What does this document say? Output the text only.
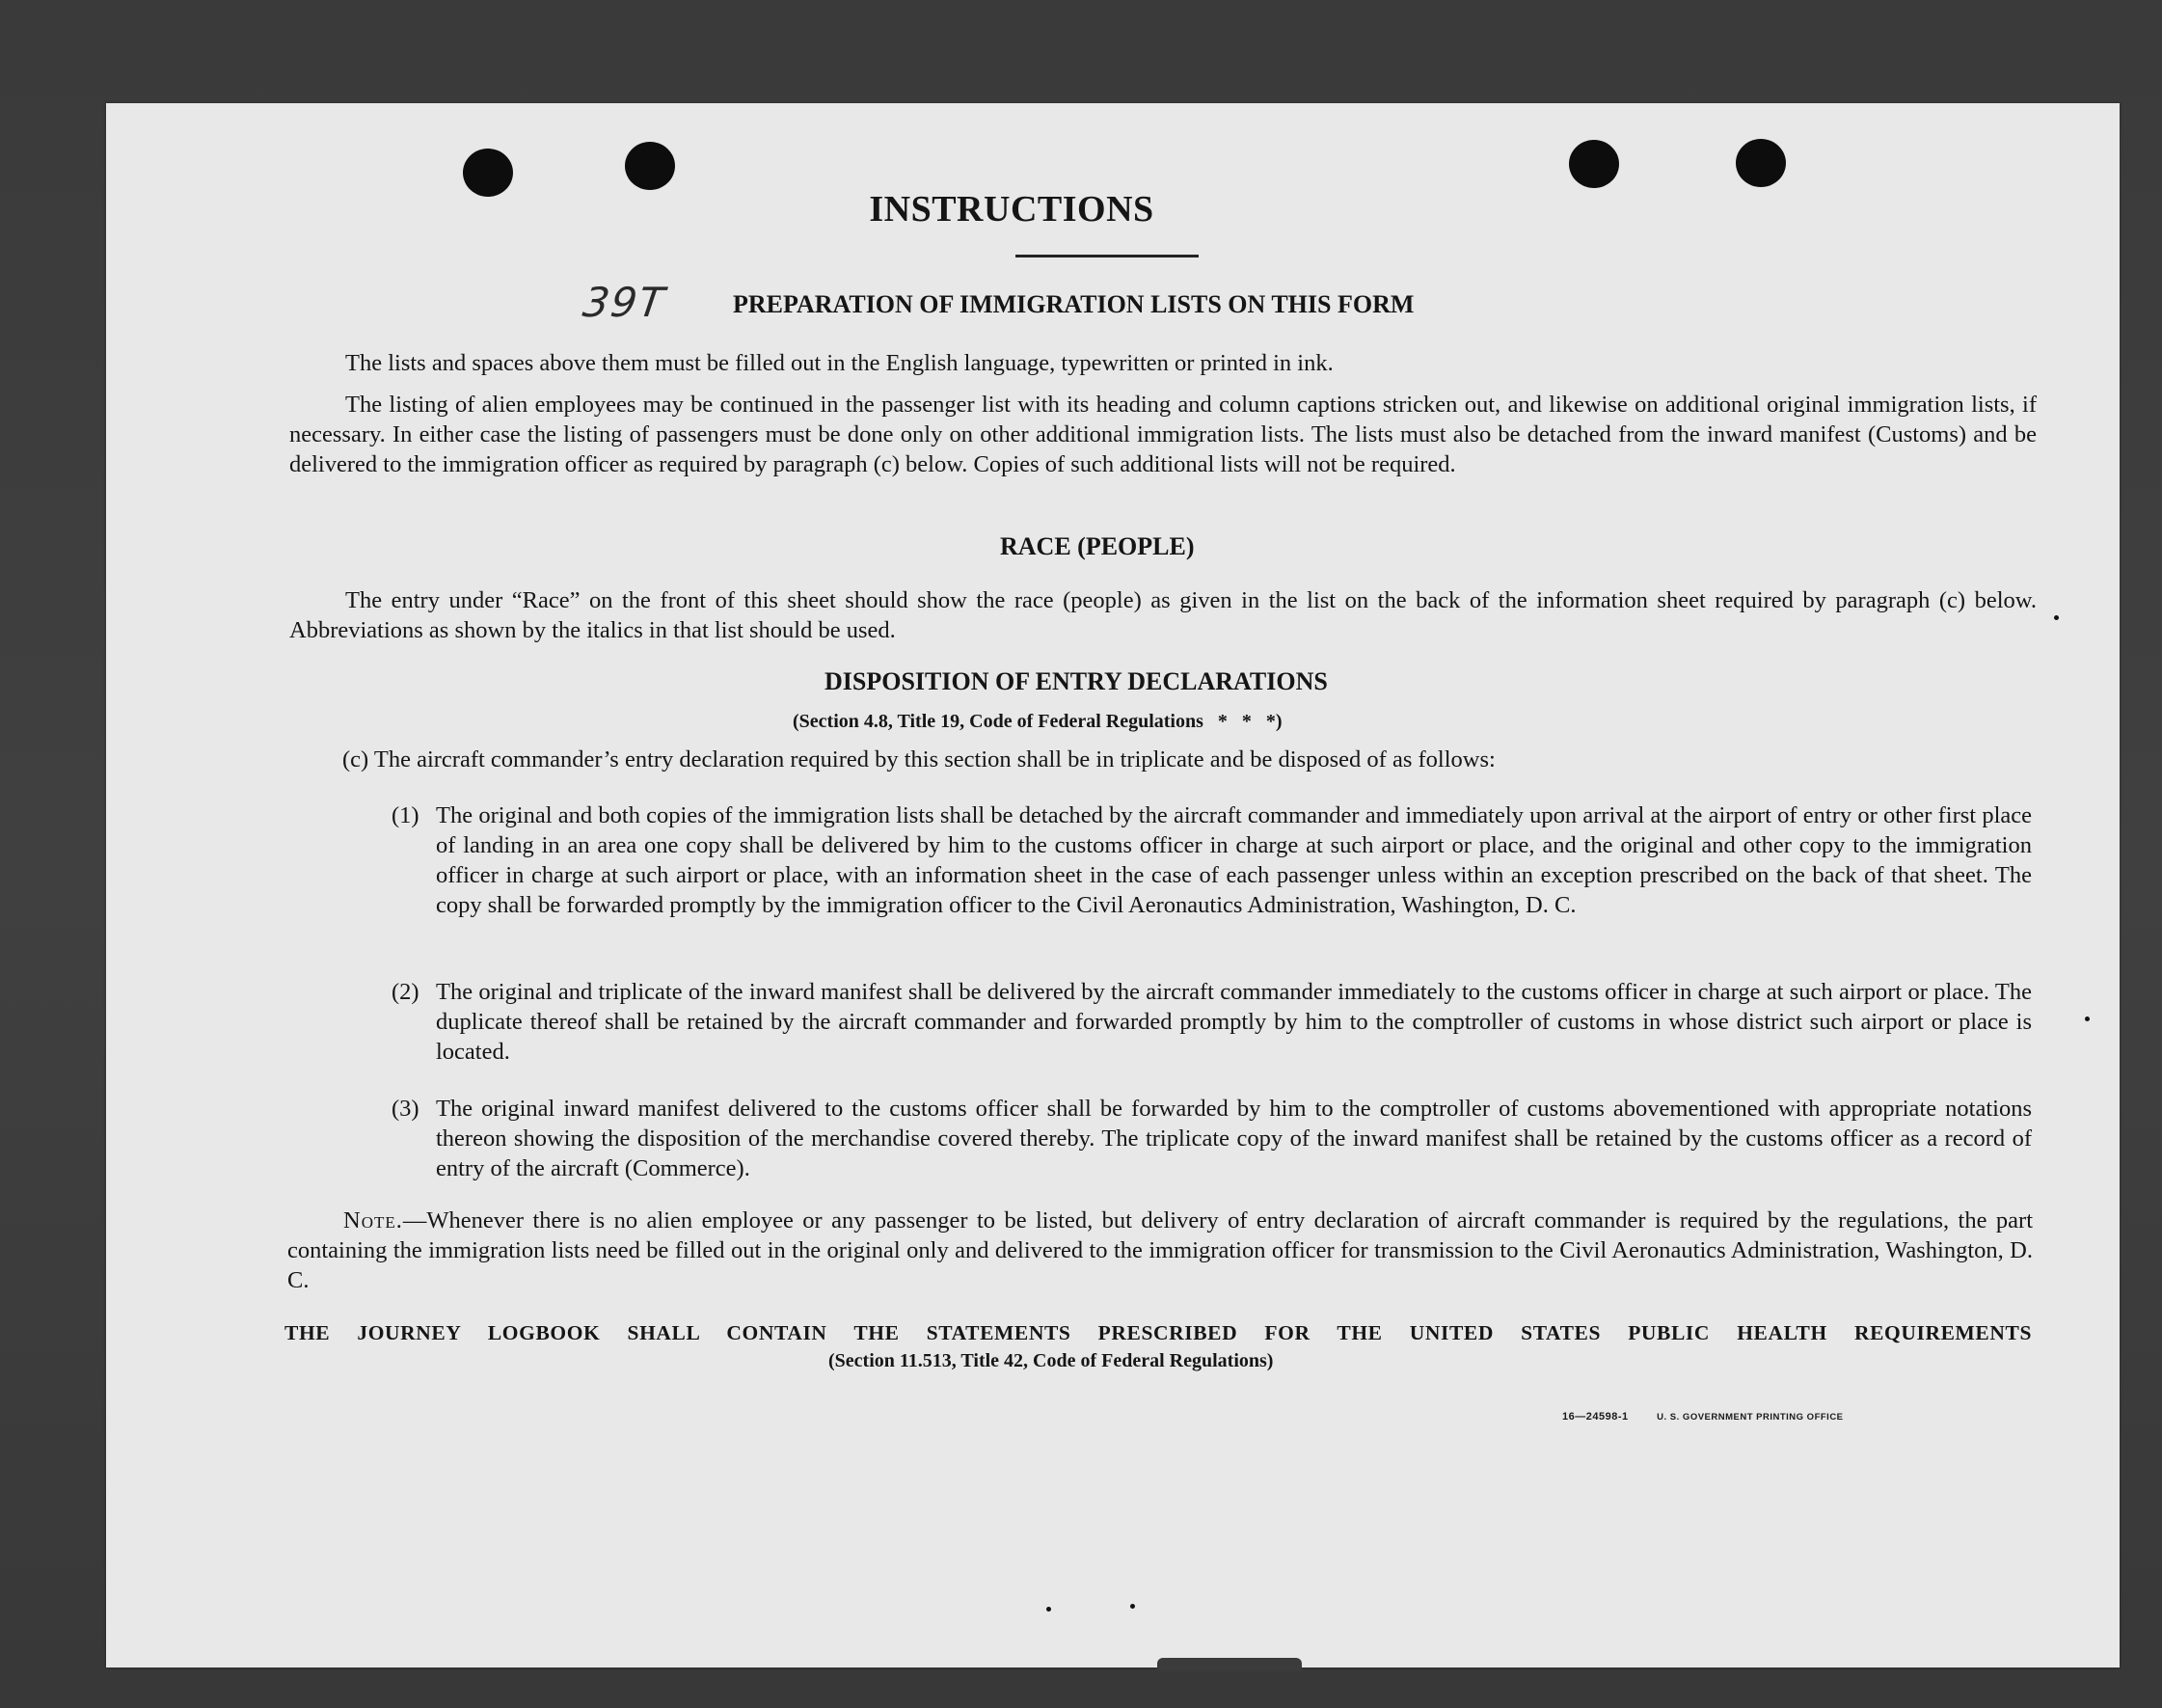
INSTRUCTIONS
39T	PREPARATION OF IMMIGRATION LISTS ON THIS FORM

The lists and spaces above them must be filled out in the English language, typewritten or printed in ink.

The listing of alien employees may be continued in the passenger list with its heading and column captions stricken out, and likewise on additional original immigration lists, if necessary. In either case the listing of passengers must be done only on other additional immigration lists. The lists must also be detached from the inward manifest (Customs) and be delivered to the immigration officer as required by paragraph (c) below. Copies of such additional lists will not be required.

RACE (PEOPLE)

The entry under “Race” on the front of this sheet should show the race (people) as given in the list on the back of the information sheet required by paragraph (c) below. Abbreviations as shown by the italics in that list should be used.

DISPOSITION OF ENTRY DECLARATIONS
(Section 4.8, Title 19, Code of Federal Regulations   *   *   *)

(c) The aircraft commander’s entry declaration required by this section shall be in triplicate and be disposed of as follows:

(1) The original and both copies of the immigration lists shall be detached by the aircraft commander and immediately upon arrival at the airport of entry or other first place of landing in an area one copy shall be delivered by him to the customs officer in charge at such airport or place, and the original and other copy to the immigration officer in charge at such airport or place, with an information sheet in the case of each passenger unless within an exception prescribed on the back of that sheet. The copy shall be forwarded promptly by the immigration officer to the Civil Aeronautics Administration, Washington, D. C.
(2) The original and triplicate of the inward manifest shall be delivered by the aircraft commander immediately to the customs officer in charge at such airport or place. The duplicate thereof shall be retained by the aircraft commander and forwarded promptly by him to the comptroller of customs in whose district such airport or place is located.
(3) The original inward manifest delivered to the customs officer shall be forwarded by him to the comptroller of customs abovementioned with appropriate notations thereon showing the disposition of the merchandise covered thereby. The triplicate copy of the inward manifest shall be retained by the customs officer as a record of entry of the aircraft (Commerce).

Note.—Whenever there is no alien employee or any passenger to be listed, but delivery of entry declaration of aircraft commander is required by the regulations, the part containing the immigration lists need be filled out in the original only and delivered to the immigration officer for transmission to the Civil Aeronautics Administration, Washington, D. C.

THE JOURNEY LOGBOOK SHALL CONTAIN THE STATEMENTS PRESCRIBED FOR THE UNITED STATES PUBLIC HEALTH REQUIREMENTS

(Section 11.513, Title 42, Code of Federal Regulations)
16—24598-1	U. S. GOVERNMENT PRINTING OFFICE
